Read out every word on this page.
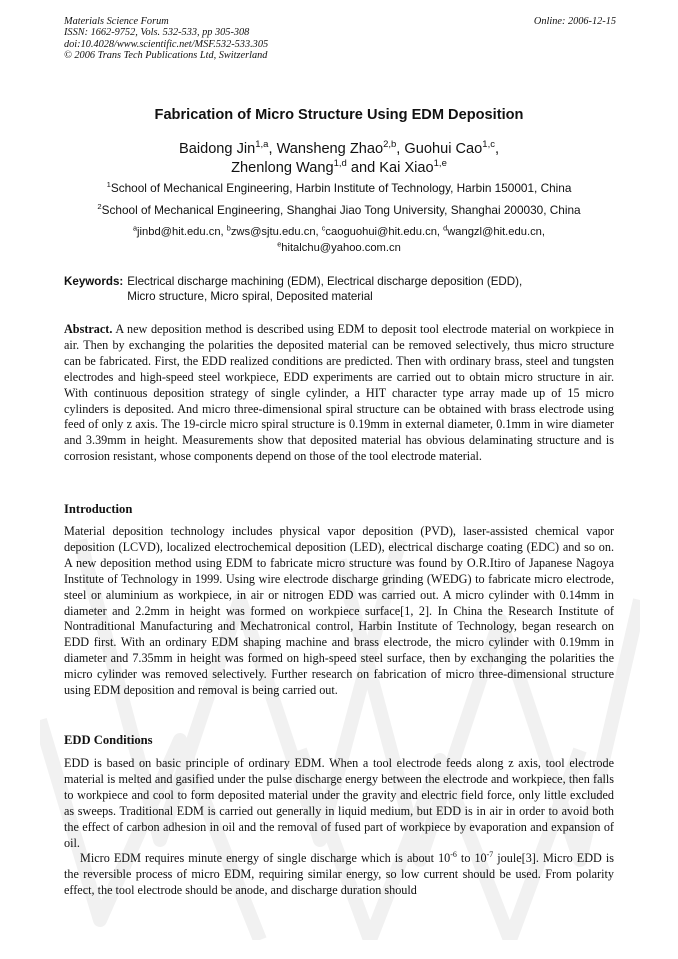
Materials Science Forum
ISSN: 1662-9752, Vols. 532-533, pp 305-308
doi:10.4028/www.scientific.net/MSF.532-533.305
© 2006 Trans Tech Publications Ltd, Switzerland
Online: 2006-12-15
Fabrication of Micro Structure Using EDM Deposition
Baidong Jin$^{1,a}$, Wansheng Zhao$^{2,b}$, Guohui Cao$^{1,c}$,
Zhenlong Wang$^{1,d}$ and Kai Xiao$^{1,e}$
$^1$School of Mechanical Engineering, Harbin Institute of Technology, Harbin 150001, China
$^2$School of Mechanical Engineering, Shanghai Jiao Tong University, Shanghai 200030, China
$^a$jinbd@hit.edu.cn, $^b$zws@sjtu.edu.cn, $^c$caoguohui@hit.edu.cn, $^d$wangzl@hit.edu.cn,
$^e$hitalchu@yahoo.com.cn
Keywords: Electrical discharge machining (EDM), Electrical discharge deposition (EDD),
Micro structure, Micro spiral, Deposited material

Abstract. A new deposition method is described using EDM to deposit tool electrode material on workpiece in air. Then by exchanging the polarities the deposited material can be removed selectively, thus micro structure can be fabricated. First, the EDD realized conditions are predicted. Then with ordinary brass, steel and tungsten electrodes and high-speed steel workpiece, EDD experiments are carried out to obtain micro structure in air. With continuous deposition strategy of single cylinder, a HIT character type array made up of 15 micro cylinders is deposited. And micro three-dimensional spiral structure can be obtained with brass electrode using feed of only z axis. The 19-circle micro spiral structure is 0.19mm in external diameter, 0.1mm in wire diameter and 3.39mm in height. Measurements show that deposited material has obvious delaminating structure and is corrosion resistant, whose components depend on those of the tool electrode material.

Introduction

Material deposition technology includes physical vapor deposition (PVD), laser-assisted chemical vapor deposition (LCVD), localized electrochemical deposition (LED), electrical discharge coating (EDC) and so on. A new deposition method using EDM to fabricate micro structure was found by O.R.Itiro of Japanese Nagoya Institute of Technology in 1999. Using wire electrode discharge grinding (WEDG) to fabricate micro electrode, steel or aluminium as workpiece, in air or nitrogen EDD was carried out. A micro cylinder with 0.14mm in diameter and 2.2mm in height was formed on workpiece surface[1, 2]. In China the Research Institute of Nontraditional Manufacturing and Mechatronical control, Harbin Institute of Technology, began research on EDD first. With an ordinary EDM shaping machine and brass electrode, the micro cylinder with 0.19mm in diameter and 7.35mm in height was formed on high-speed steel surface, then by exchanging the polarities the micro cylinder was removed selectively. Further research on fabrication of micro three-dimensional structure using EDM deposition and removal is being carried out.

EDD Conditions

EDD is based on basic principle of ordinary EDM. When a tool electrode feeds along z axis, tool electrode material is melted and gasified under the pulse discharge energy between the electrode and workpiece, then falls to workpiece and cool to form deposited material under the gravity and electric field force, only little excluded as sweeps. Traditional EDM is carried out generally in liquid medium, but EDD is in air in order to avoid both the effect of carbon adhesion in oil and the removal of fused part of workpiece by evaporation and expansion of oil.

Micro EDM requires minute energy of single discharge which is about $10^{-6}$ to $10^{-7}$ joule[3]. Micro EDD is the reversible process of micro EDM, requiring similar energy, so low current should be used. From polarity effect, the tool electrode should be anode, and discharge duration should
